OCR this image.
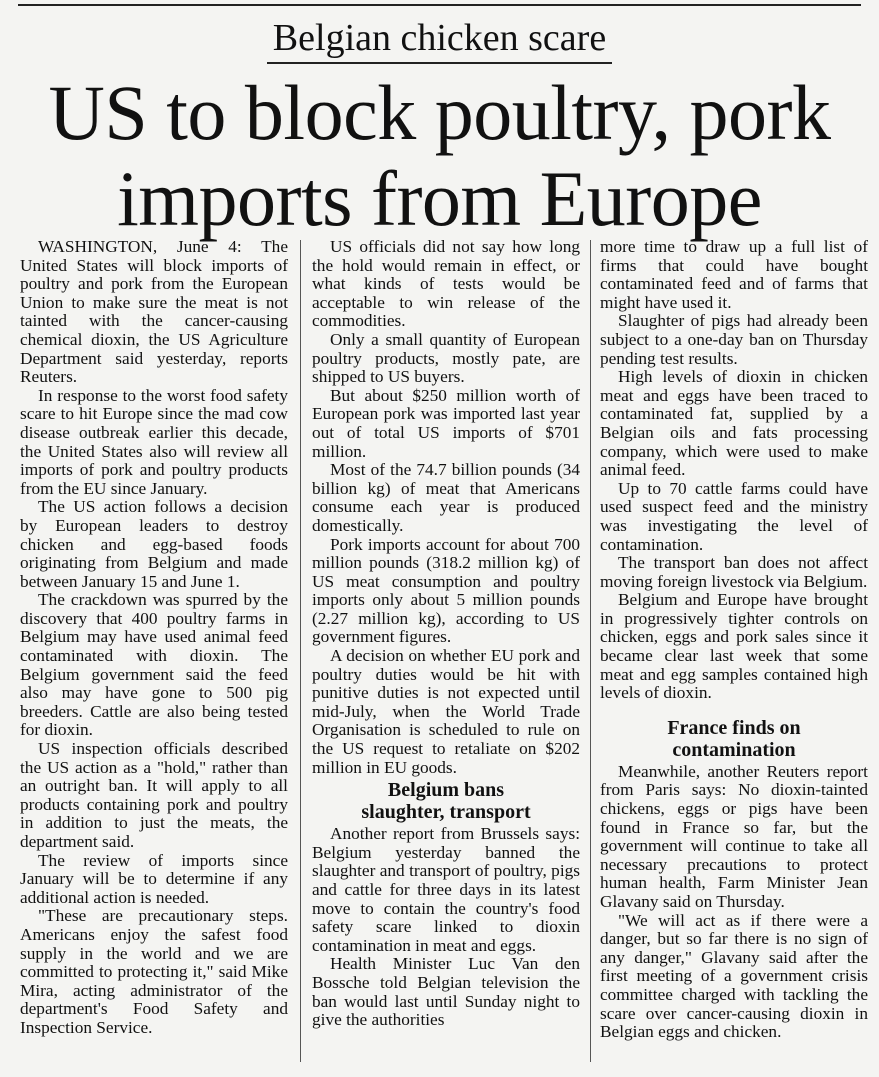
Belgian chicken scare
US to block poultry, pork
imports from Europe

WASHINGTON, June 4: The United States will block imports of poultry and pork from the European Union to make sure the meat is not tainted with the cancer-causing chemical dioxin, the US Agriculture Department said yesterday, reports Reuters.

In response to the worst food safety scare to hit Europe since the mad cow disease outbreak earlier this decade, the United States also will review all imports of pork and poultry products from the EU since January.

The US action follows a decision by European leaders to destroy chicken and egg-based foods originating from Belgium and made between January 15 and June 1.

The crackdown was spurred by the discovery that 400 poultry farms in Belgium may have used animal feed contaminated with dioxin. The Belgium government said the feed also may have gone to 500 pig breeders. Cattle are also being tested for dioxin.

US inspection officials described the US action as a "hold," rather than an outright ban. It will apply to all products containing pork and poultry in addition to just the meats, the department said.

The review of imports since January will be to determine if any additional action is needed.

"These are precautionary steps. Americans enjoy the safest food supply in the world and we are committed to protecting it," said Mike Mira, acting administrator of the department's Food Safety and Inspection Service.

US officials did not say how long the hold would remain in effect, or what kinds of tests would be acceptable to win release of the commodities.

Only a small quantity of European poultry products, mostly pate, are shipped to US buyers.

But about $250 million worth of European pork was imported last year out of total US imports of $701 million.

Most of the 74.7 billion pounds (34 billion kg) of meat that Americans consume each year is produced domestically.

Pork imports account for about 700 million pounds (318.2 million kg) of US meat consumption and poultry imports only about 5 million pounds (2.27 million kg), according to US government figures.

A decision on whether EU pork and poultry duties would be hit with punitive duties is not expected until mid-July, when the World Trade Organisation is scheduled to rule on the US request to retaliate on $202 million in EU goods.

Belgium bans
slaughter, transport

Another report from Brussels says: Belgium yesterday banned the slaughter and transport of poultry, pigs and cattle for three days in its latest move to contain the country's food safety scare linked to dioxin contamination in meat and eggs.

Health Minister Luc Van den Bossche told Belgian television the ban would last until Sunday night to give the authorities

more time to draw up a full list of firms that could have bought contaminated feed and of farms that might have used it.

Slaughter of pigs had already been subject to a one-day ban on Thursday pending test results.

High levels of dioxin in chicken meat and eggs have been traced to contaminated fat, supplied by a Belgian oils and fats processing company, which were used to make animal feed.

Up to 70 cattle farms could have used suspect feed and the ministry was investigating the level of contamination.

The transport ban does not affect moving foreign livestock via Belgium.

Belgium and Europe have brought in progressively tighter controls on chicken, eggs and pork sales since it became clear last week that some meat and egg samples contained high levels of dioxin.

France finds on
contamination

Meanwhile, another Reuters report from Paris says: No dioxin-tainted chickens, eggs or pigs have been found in France so far, but the government will continue to take all necessary precautions to protect human health, Farm Minister Jean Glavany said on Thursday.

"We will act as if there were a danger, but so far there is no sign of any danger," Glavany said after the first meeting of a government crisis committee charged with tackling the scare over cancer-causing dioxin in Belgian eggs and chicken.
